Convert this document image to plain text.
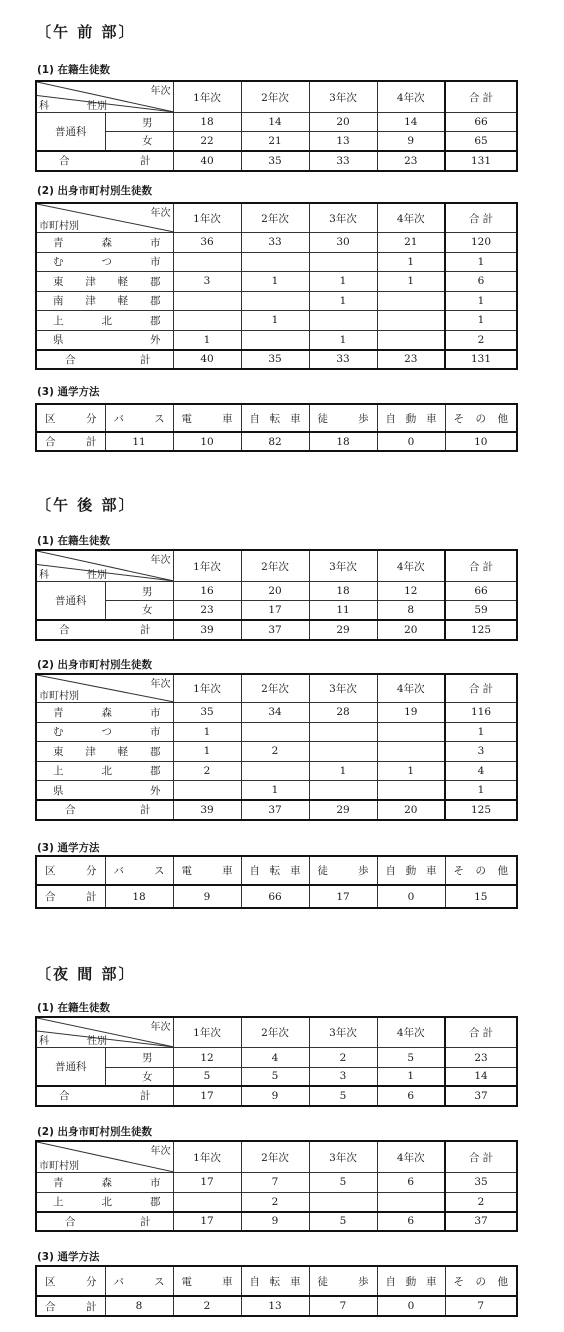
〔午 前 部〕
(1) 在籍生徒数
年次
性別
科		1年次	2年次	3年次	4年次	合 計
普通科	男	18	14	20	14	66
	女	22	21	13	9	65

合 計		40	35	33	23	131
(2) 出身市町村別生徒数
年次
市町村別	1年次	2年次	3年次	4年次	合 計

青 森 市	36	33	30	21	120

む つ 市				1	1

東 津 軽 郡	3	1	1	1	6

南 津 軽 郡			1		1

上 北 郡		1			1

県 外	1		1		2

合 計	40	35	33	23	131
(3) 通学方法
区 分	バ ス	電 車	自 転 車	徒 歩	自 動 車	そ の 他

合 計	11	10	82	18	0	10
〔午 後 部〕
(1) 在籍生徒数
年次
性別
科		1年次	2年次	3年次	4年次	合 計
普通科	男	16	20	18	12	66
	女	23	17	11	8	59

合 計		39	37	29	20	125
(2) 出身市町村別生徒数
年次
市町村別	1年次	2年次	3年次	4年次	合 計

青 森 市	35	34	28	19	116

む つ 市	1				1

東 津 軽 郡	1	2			3

上 北 郡	2		1	1	4

県 外		1			1

合 計	39	37	29	20	125
(3) 通学方法
区 分	バ ス	電 車	自 転 車	徒 歩	自 動 車	そ の 他

合 計	18	9	66	17	0	15
〔夜 間 部〕
(1) 在籍生徒数
年次
性別
科		1年次	2年次	3年次	4年次	合 計
普通科	男	12	4	2	5	23
	女	5	5	3	1	14

合 計		17	9	5	6	37
(2) 出身市町村別生徒数
年次
市町村別	1年次	2年次	3年次	4年次	合 計

青 森 市	17	7	5	6	35

上 北 郡		2			2

合 計	17	9	5	6	37
(3) 通学方法
区 分	バ ス	電 車	自 転 車	徒 歩	自 動 車	そ の 他

合 計	8	2	13	7	0	7
